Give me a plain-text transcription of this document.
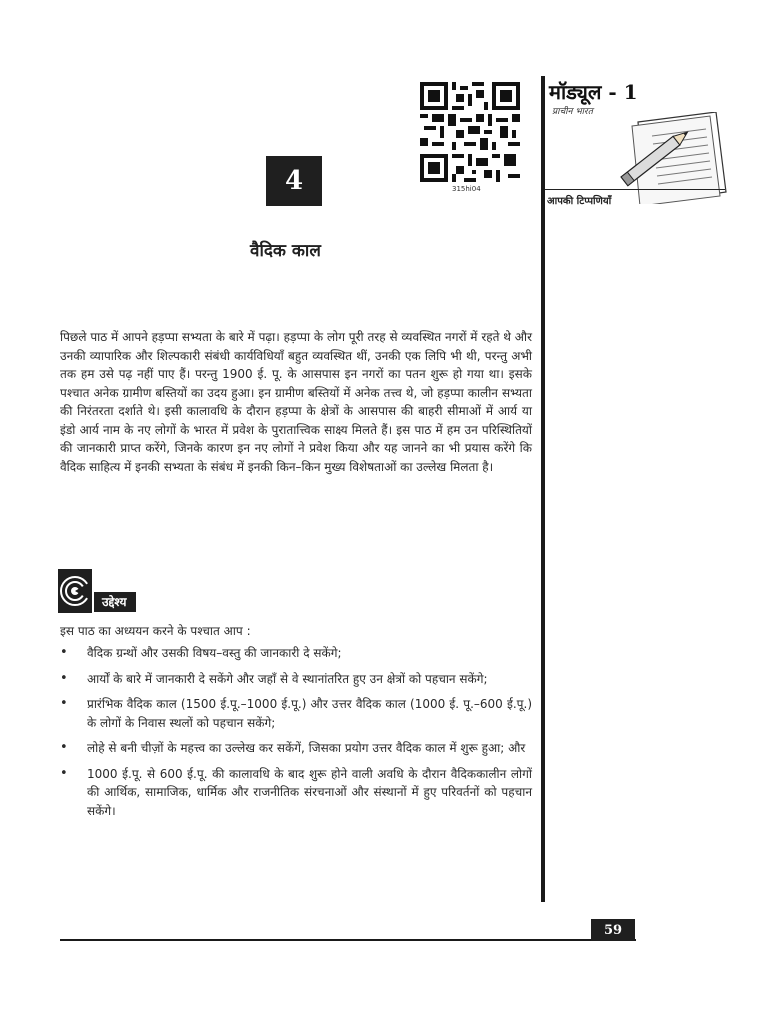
315hi04
4
वैदिक काल
मॉड्यूल - 1
प्राचीन भारत
आपकी टिप्पणियाँ

पिछले पाठ में आपने हड़प्पा सभ्यता के बारे में पढ़ा। हड़प्पा के लोग पूरी तरह से व्यवस्थित नगरों में रहते थे और उनकी व्यापारिक और शिल्पकारी संबंधी कार्यविधियाँ बहुत व्यवस्थित थीं, उनकी एक लिपि भी थी, परन्तु अभी तक हम उसे पढ़ नहीं पाए हैं। परन्तु 1900 ई. पू. के आसपास इन नगरों का पतन शुरू हो गया था। इसके पश्चात अनेक ग्रामीण बस्तियों का उदय हुआ। इन ग्रामीण बस्तियों में अनेक तत्त्व थे, जो हड़प्पा कालीन सभ्यता की निरंतरता दर्शाते थे। इसी कालावधि के दौरान हड़प्पा के क्षेत्रों के आसपास की बाहरी सीमाओं में आर्य या इंडो आर्य नाम के नए लोगों के भारत में प्रवेश के पुरातात्त्विक साक्ष्य मिलते हैं। इस पाठ में हम उन परिस्थितियों की जानकारी प्राप्त करेंगे, जिनके कारण इन नए लोगों ने प्रवेश किया और यह जानने का भी प्रयास करेंगे कि वैदिक साहित्य में इनकी सभ्यता के संबंध में इनकी किन–किन मुख्य विशेषताओं का उल्लेख मिलता है।

उद्देश्य
इस पाठ का अध्ययन करने के पश्चात आप :
• वैदिक ग्रन्थों और उसकी विषय–वस्तु की जानकारी दे सकेंगे;
• आर्यों के बारे में जानकारी दे सकेंगे और जहाँ से वे स्थानांतरित हुए उन क्षेत्रों को पहचान सकेंगे;
• प्रारंभिक वैदिक काल (1500 ई.पू.–1000 ई.पू.) और उत्तर वैदिक काल (1000 ई. पू.–600 ई.पू.) के लोगों के निवास स्थलों को पहचान सकेंगे;
• लोहे से बनी चीज़ों के महत्त्व का उल्लेख कर सकेंगें, जिसका प्रयोग उत्तर वैदिक काल में शुरू हुआ; और
• 1000 ई.पू. से 600 ई.पू. की कालावधि के बाद शुरू होने वाली अवधि के दौरान वैदिककालीन लोगों की आर्थिक, सामाजिक, धार्मिक और राजनीतिक संरचनाओं और संस्थानों में हुए परिवर्तनों को पहचान सकेंगे।
59
